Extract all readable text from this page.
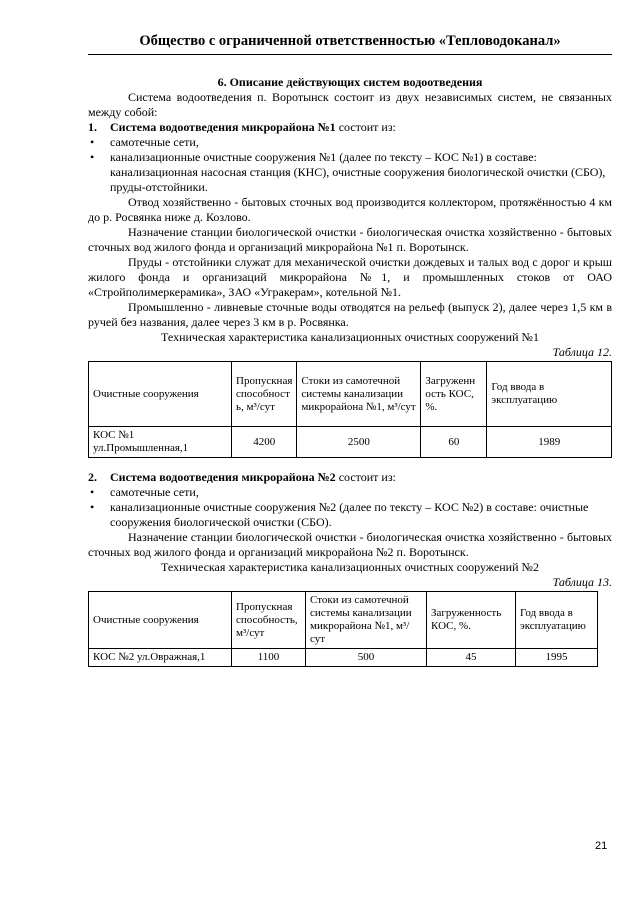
Общество с ограниченной ответственностью «Тепловодоканал»
6. Описание действующих систем водоотведения

Система водоотведения п. Воротынск состоит из двух независимых систем, не связанных между собой:

1. Система водоотведения микрорайона №1 состоит из:
• самотечные сети,
• канализационные очистные сооружения №1 (далее по тексту – КОС №1) в составе: канализационная насосная станция (КНС), очистные сооружения биологической очистки (СБО), пруды-отстойники.

Отвод хозяйственно - бытовых сточных вод производится коллектором, протяжённостью 4 км до р. Росвянка ниже д. Козлово.

Назначение станции биологической очистки - биологическая очистка хозяйственно - бытовых сточных вод жилого фонда и организаций микрорайона №1 п. Воротынск.

Пруды - отстойники служат для механической очистки дождевых и талых вод с дорог и крыш жилого фонда и организаций микрорайона №1, и промышленных стоков от ОАО «Стройполимеркерамика», ЗАО «Угракерам», котельной №1.

Промышленно - ливневые сточные воды отводятся на рельеф (выпуск 2), далее через 1,5 км в ручей без названия, далее через 3 км в р. Росвянка.

Техническая характеристика канализационных очистных сооружений №1
Таблица 12.
Очистные сооружения	Пропускная способност ь, м³/сут	Стоки из самотечной системы канализации микрорайона №1, м³/сут	Загруженн ость КОС, %.	Год ввода в эксплуатацию
КОС №1 ул.Промышленная,1	4200	2500	60	1989
2. Система водоотведения микрорайона №2 состоит из:
• самотечные сети,
• канализационные очистные сооружения №2 (далее по тексту – КОС №2) в составе: очистные сооружения биологической очистки (СБО).

Назначение станции биологической очистки - биологическая очистка хозяйственно - бытовых сточных вод жилого фонда и организаций микрорайона №2 п. Воротынск.

Техническая характеристика канализационных очистных сооружений №2
Таблица 13.
Очистные сооружения	Пропускная способность, м³/сут	Стоки из самотечной системы канализации микрорайона №1, м³/сут	Загруженность КОС, %.	Год ввода в эксплуатацию
КОС №2 ул.Овражная,1	1100	500	45	1995
21
